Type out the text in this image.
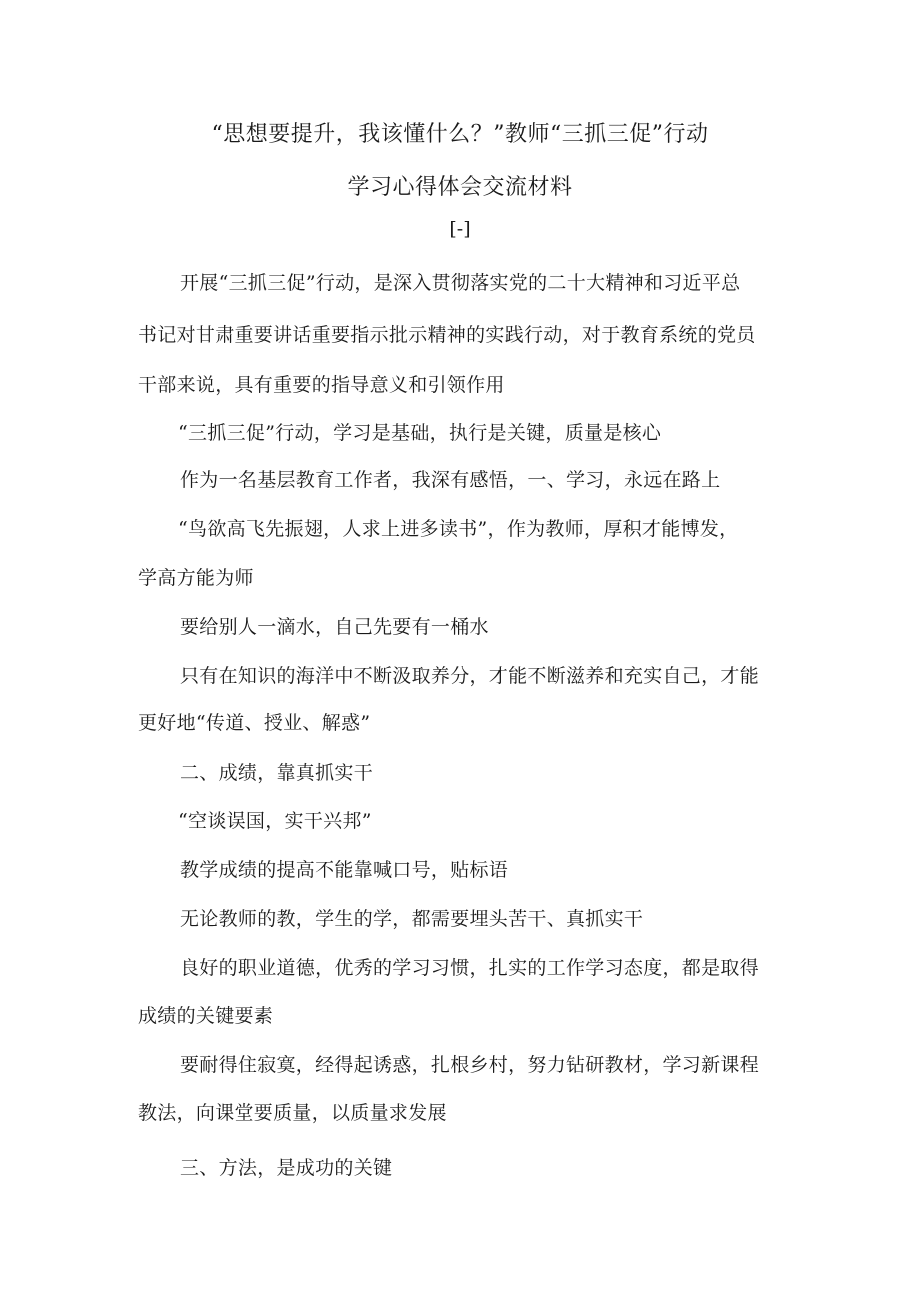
“思想要提升，我该懂什么？”教师“三抓三促”行动
学习心得体会交流材料
[-]
开展“三抓三促”行动，是深入贯彻落实党的二十大精神和习近平总
书记对甘肃重要讲话重要指示批示精神的实践行动，对于教育系统的党员
干部来说，具有重要的指导意义和引领作用
“三抓三促”行动，学习是基础，执行是关键，质量是核心
作为一名基层教育工作者，我深有感悟，一、学习，永远在路上
“鸟欲高飞先振翅，人求上进多读书”，作为教师，厚积才能博发，
学高方能为师
要给别人一滴水，自己先要有一桶水
只有在知识的海洋中不断汲取养分，才能不断滋养和充实自己，才能
更好地“传道、授业、解惑”
二、成绩，靠真抓实干
“空谈误国，实干兴邦”
教学成绩的提高不能靠喊口号，贴标语
无论教师的教，学生的学，都需要埋头苦干、真抓实干
良好的职业道德，优秀的学习习惯，扎实的工作学习态度，都是取得
成绩的关键要素
要耐得住寂寞，经得起诱惑，扎根乡村，努力钻研教材，学习新课程
教法，向课堂要质量，以质量求发展
三、方法，是成功的关键
